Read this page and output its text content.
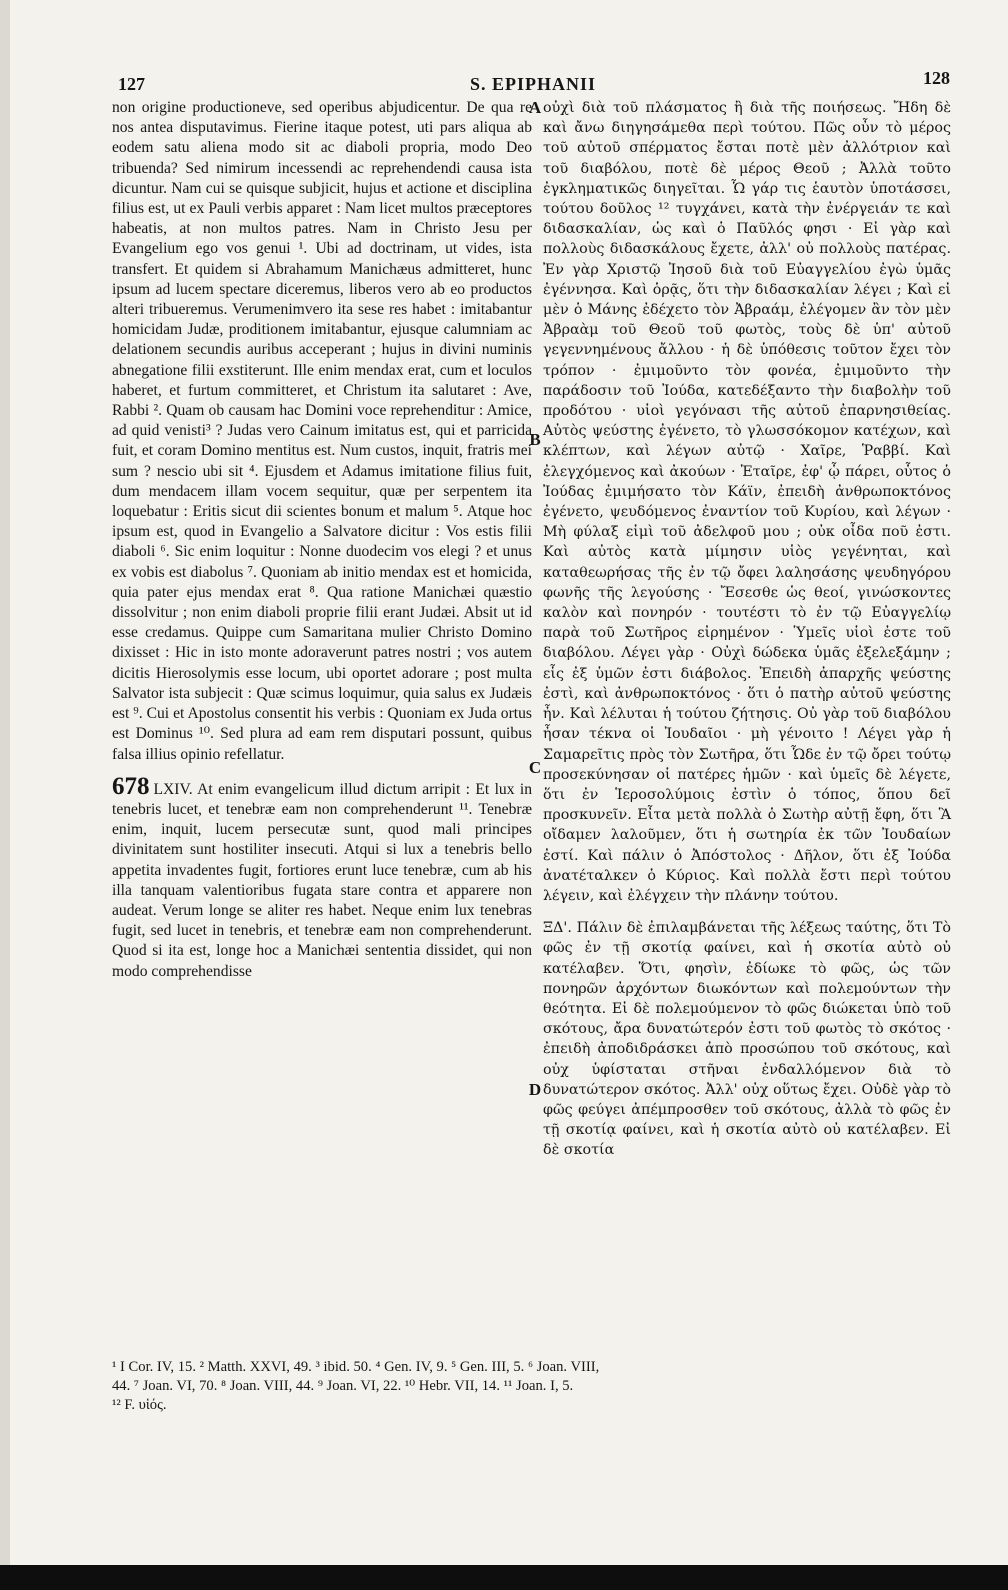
127	S. EPIPHANII	128

non origine productioneve, sed operibus abjudicentur. De qua re nos antea disputavimus. Fierine itaque potest, uti pars aliqua ab eodem satu aliena modo sit ac diaboli propria, modo Deo tribuenda? Sed nimirum incessendi ac reprehendendi causa ista dicuntur. Nam cui se quisque subjicit, hujus et actione et disciplina filius est, ut ex Pauli verbis apparet : Nam licet multos præceptores habeatis, at non multos patres. Nam in Christo Jesu per Evangelium ego vos genui ¹. Ubi ad doctrinam, ut vides, ista transfert. Et quidem si Abrahamum Manichæus admitteret, hunc ipsum ad lucem spectare diceremus, liberos vero ab eo productos alteri tribueremus. Verumenimvero ita sese res habet : imitabantur homicidam Judæ, proditionem imitabantur, ejusque calumniam ac delationem secundis auribus acceperant ; hujus in divini numinis abnegatione filii exstiterunt. Ille enim mendax erat, cum et loculos haberet, et furtum committeret, et Christum ita salutaret : Ave, Rabbi ². Quam ob causam hac Domini voce reprehenditur : Amice, ad quid venisti³ ? Judas vero Cainum imitatus est, qui et parricida fuit, et coram Domino mentitus est. Num custos, inquit, fratris mei sum ? nescio ubi sit ⁴. Ejusdem et Adamus imitatione filius fuit, dum mendacem illam vocem sequitur, quæ per serpentem ita loquebatur : Eritis sicut dii scientes bonum et malum ⁵. Atque hoc ipsum est, quod in Evangelio a Salvatore dicitur : Vos estis filii diaboli ⁶. Sic enim loquitur : Nonne duodecim vos elegi ? et unus ex vobis est diabolus ⁷. Quoniam ab initio mendax est et homicida, quia pater ejus mendax erat ⁸. Qua ratione Manichæi quæstio dissolvitur ; non enim diaboli proprie filii erant Judæi. Absit ut id esse credamus. Quippe cum Samaritana mulier Christo Domino dixisset : Hic in isto monte adoraverunt patres nostri ; vos autem dicitis Hierosolymis esse locum, ubi oportet adorare ; post multa Salvator ista subjecit : Quæ scimus loquimur, quia salus ex Judæis est ⁹. Cui et Apostolus consentit his verbis : Quoniam ex Juda ortus est Dominus ¹⁰. Sed plura ad eam rem disputari possunt, quibus falsa illius opinio refellatur.

678 LXIV. At enim evangelicum illud dictum arripit : Et lux in tenebris lucet, et tenebræ eam non comprehenderunt ¹¹. Tenebræ enim, inquit, lucem persecutæ sunt, quod mali principes divinitatem sunt hostiliter insecuti. Atqui si lux a tenebris bello appetita invadentes fugit, fortiores erunt luce tenebræ, cum ab his illa tanquam valentioribus fugata stare contra et apparere non audeat. Verum longe se aliter res habet. Neque enim lux tenebras fugit, sed lucet in tenebris, et tenebræ eam non comprehenderunt. Quod si ita est, longe hoc a Manichæi sententia dissidet, qui non modo comprehendisse

A
B
C
D

οὐχὶ διὰ τοῦ πλάσματος ἢ διὰ τῆς ποιήσεως. Ἤδη δὲ καὶ ἄνω διηγησάμεθα περὶ τούτου. Πῶς οὖν τὸ μέρος τοῦ αὐτοῦ σπέρματος ἔσται ποτὲ μὲν ἀλλότριον καὶ τοῦ διαβόλου, ποτὲ δὲ μέρος Θεοῦ ; Ἀλλὰ τοῦτο ἐγκληματικῶς διηγεῖται. Ὧ γάρ τις ἑαυτὸν ὑποτάσσει, τούτου δοῦλος ¹² τυγχάνει, κατὰ τὴν ἐνέργειάν τε καὶ διδασκαλίαν, ὡς καὶ ὁ Παῦλός φησι · Εἰ γὰρ καὶ πολλοὺς διδασκάλους ἔχετε, ἀλλ' οὐ πολλοὺς πατέρας. Ἐν γὰρ Χριστῷ Ἰησοῦ διὰ τοῦ Εὐαγγελίου ἐγὼ ὑμᾶς ἐγέννησα. Καὶ ὁρᾷς, ὅτι τὴν διδασκαλίαν λέγει ; Καὶ εἰ μὲν ὁ Μάνης ἐδέχετο τὸν Ἀβραάμ, ἐλέγομεν ἂν τὸν μὲν Ἀβραὰμ τοῦ Θεοῦ τοῦ φωτὸς, τοὺς δὲ ὑπ' αὐτοῦ γεγεννημένους ἄλλου · ἡ δὲ ὑπόθεσις τοῦτον ἔχει τὸν τρόπον · ἐμιμοῦντο τὸν φονέα, ἐμιμοῦντο τὴν παράδοσιν τοῦ Ἰούδα, κατεδέξαντο τὴν διαβολὴν τοῦ προδότου · υἱοὶ γεγόνασι τῆς αὐτοῦ ἐπαρνησιθείας. Αὐτὸς ψεύστης ἐγένετο, τὸ γλωσσόκομον κατέχων, καὶ κλέπτων, καὶ λέγων αὐτῷ · Χαῖρε, Ῥαββί. Καὶ ἐλεγχόμενος καὶ ἀκούων · Ἑταῖρε, ἐφ' ᾧ πάρει, οὗτος ὁ Ἰούδας ἐμιμήσατο τὸν Κάϊν, ἐπειδὴ ἀνθρωποκτόνος ἐγένετο, ψευδόμενος ἐναντίον τοῦ Κυρίου, καὶ λέγων · Μὴ φύλαξ εἰμὶ τοῦ ἀδελφοῦ μου ; οὐκ οἶδα ποῦ ἐστι. Καὶ αὐτὸς κατὰ μίμησιν υἱὸς γεγένηται, καὶ καταθεωρήσας τῆς ἐν τῷ ὄφει λαλησάσης ψευδηγόρου φωνῆς τῆς λεγούσης · Ἔσεσθε ὡς θεοί, γινώσκοντες καλὸν καὶ πονηρόν · τουτέστι τὸ ἐν τῷ Εὐαγγελίῳ παρὰ τοῦ Σωτῆρος εἰρημένον · Ὑμεῖς υἱοὶ ἐστε τοῦ διαβόλου. Λέγει γὰρ · Οὐχὶ δώδεκα ὑμᾶς ἐξελεξάμην ; εἷς ἐξ ὑμῶν ἐστι διάβολος. Ἐπειδὴ ἀπαρχῆς ψεύστης ἐστὶ, καὶ ἀνθρωποκτόνος · ὅτι ὁ πατὴρ αὐτοῦ ψεύστης ἦν. Καὶ λέλυται ἡ τούτου ζήτησις. Οὐ γὰρ τοῦ διαβόλου ἦσαν τέκνα οἱ Ἰουδαῖοι · μὴ γένοιτο ! Λέγει γὰρ ἡ Σαμαρεῖτις πρὸς τὸν Σωτῆρα, ὅτι Ὧδε ἐν τῷ ὄρει τούτῳ προσεκύνησαν οἱ πατέρες ἡμῶν · καὶ ὑμεῖς δὲ λέγετε, ὅτι ἐν Ἱεροσολύμοις ἐστὶν ὁ τόπος, ὅπου δεῖ προσκυνεῖν. Εἶτα μετὰ πολλὰ ὁ Σωτὴρ αὐτῇ ἔφη, ὅτι Ἃ οἴδαμεν λαλοῦμεν, ὅτι ἡ σωτηρία ἐκ τῶν Ἰουδαίων ἐστί. Καὶ πάλιν ὁ Ἀπόστολος · Δῆλον, ὅτι ἐξ Ἰούδα ἀνατέταλκεν ὁ Κύριος. Καὶ πολλὰ ἔστι περὶ τούτου λέγειν, καὶ ἐλέγχειν τὴν πλάνην τούτου.

ΞΔ'. Πάλιν δὲ ἐπιλαμβάνεται τῆς λέξεως ταύτης, ὅτι Τὸ φῶς ἐν τῇ σκοτίᾳ φαίνει, καὶ ἡ σκοτία αὐτὸ οὐ κατέλαβεν. Ὅτι, φησὶν, ἐδίωκε τὸ φῶς, ὡς τῶν πονηρῶν ἀρχόντων διωκόντων καὶ πολεμούντων τὴν θεότητα. Εἰ δὲ πολεμούμενον τὸ φῶς διώκεται ὑπὸ τοῦ σκότους, ἄρα δυνατώτερόν ἐστι τοῦ φωτὸς τὸ σκότος · ἐπειδὴ ἀποδιδράσκει ἀπὸ προσώπου τοῦ σκότους, καὶ οὐχ ὑφίσταται στῆναι ἐνδαλλόμενον διὰ τὸ δυνατώτερον σκότος. Ἀλλ' οὐχ οὕτως ἔχει. Οὐδὲ γὰρ τὸ φῶς φεύγει ἀπέμπροσθεν τοῦ σκότους, ἀλλὰ τὸ φῶς ἐν τῇ σκοτίᾳ φαίνει, καὶ ἡ σκοτία αὐτὸ οὐ κατέλαβεν. Εἰ δὲ σκοτία

¹ I Cor. IV, 15. ² Matth. XXVI, 49. ³ ibid. 50. ⁴ Gen. IV, 9. ⁵ Gen. III, 5. ⁶ Joan. VIII,

44. ⁷ Joan. VI, 70. ⁸ Joan. VIII, 44. ⁹ Joan. VI, 22. ¹⁰ Hebr. VII, 14. ¹¹ Joan. I, 5.

¹² F. υἱός.
